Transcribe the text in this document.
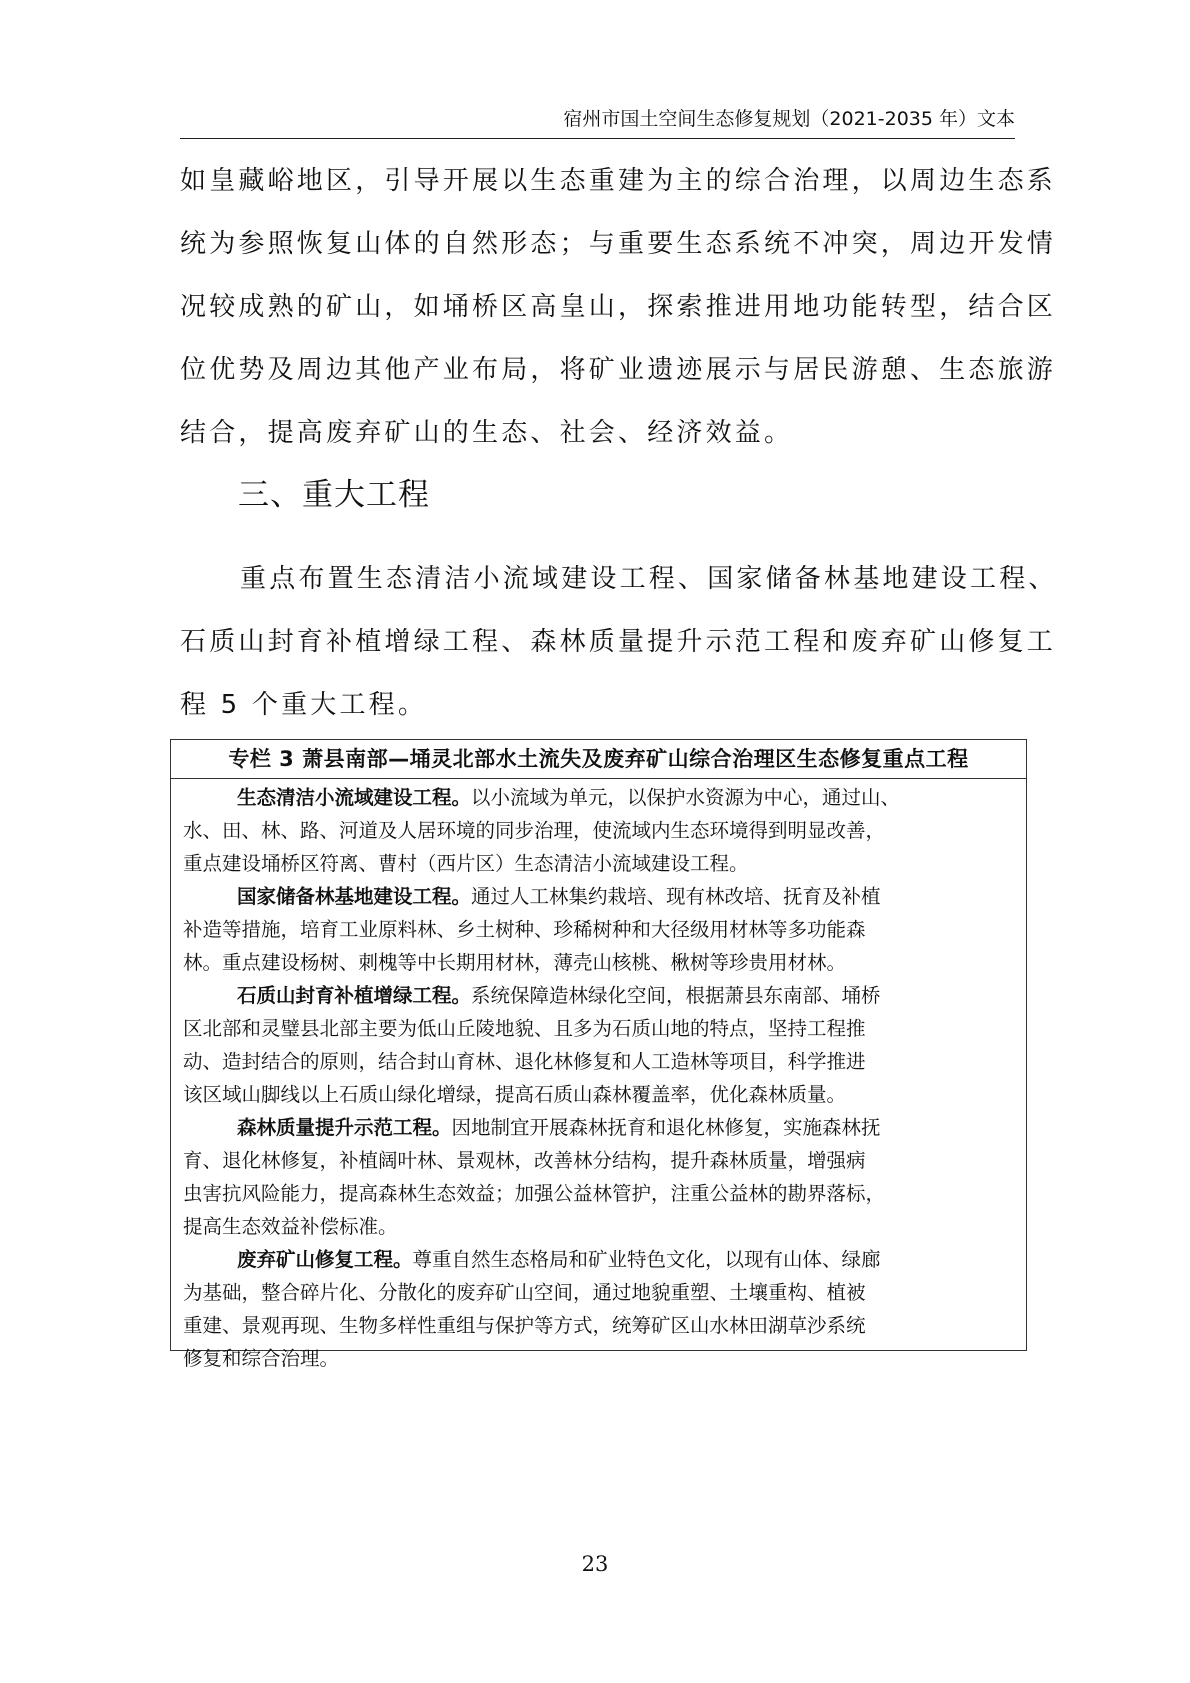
宿州市国土空间生态修复规划（2021-2035 年）文本
如皇藏峪地区，引导开展以生态重建为主的综合治理，以周边生态系
统为参照恢复山体的自然形态；与重要生态系统不冲突，周边开发情
况较成熟的矿山，如埇桥区高皇山，探索推进用地功能转型，结合区
位优势及周边其他产业布局，将矿业遗迹展示与居民游憩、生态旅游
结合，提高废弃矿山的生态、社会、经济效益。
三、重大工程
重点布置生态清洁小流域建设工程、国家储备林基地建设工程、
石质山封育补植增绿工程、森林质量提升示范工程和废弃矿山修复工
程 5 个重大工程。
专栏 3 萧县南部—埇灵北部水土流失及废弃矿山综合治理区生态修复重点工程
生态清洁小流域建设工程。以小流域为单元，以保护水资源为中心，通过山、
水、田、林、路、河道及人居环境的同步治理，使流域内生态环境得到明显改善，
重点建设埇桥区符离、曹村（西片区）生态清洁小流域建设工程。
国家储备林基地建设工程。通过人工林集约栽培、现有林改培、抚育及补植
补造等措施，培育工业原料林、乡土树种、珍稀树种和大径级用材林等多功能森
林。重点建设杨树、刺槐等中长期用材林，薄壳山核桃、楸树等珍贵用材林。
石质山封育补植增绿工程。系统保障造林绿化空间，根据萧县东南部、埇桥
区北部和灵璧县北部主要为低山丘陵地貌、且多为石质山地的特点，坚持工程推
动、造封结合的原则，结合封山育林、退化林修复和人工造林等项目，科学推进
该区域山脚线以上石质山绿化增绿，提高石质山森林覆盖率，优化森林质量。
森林质量提升示范工程。因地制宜开展森林抚育和退化林修复，实施森林抚
育、退化林修复，补植阔叶林、景观林，改善林分结构，提升森林质量，增强病
虫害抗风险能力，提高森林生态效益；加强公益林管护，注重公益林的勘界落标，
提高生态效益补偿标准。
废弃矿山修复工程。尊重自然生态格局和矿业特色文化，以现有山体、绿廊
为基础，整合碎片化、分散化的废弃矿山空间，通过地貌重塑、土壤重构、植被
重建、景观再现、生物多样性重组与保护等方式，统筹矿区山水林田湖草沙系统
修复和综合治理。
23
